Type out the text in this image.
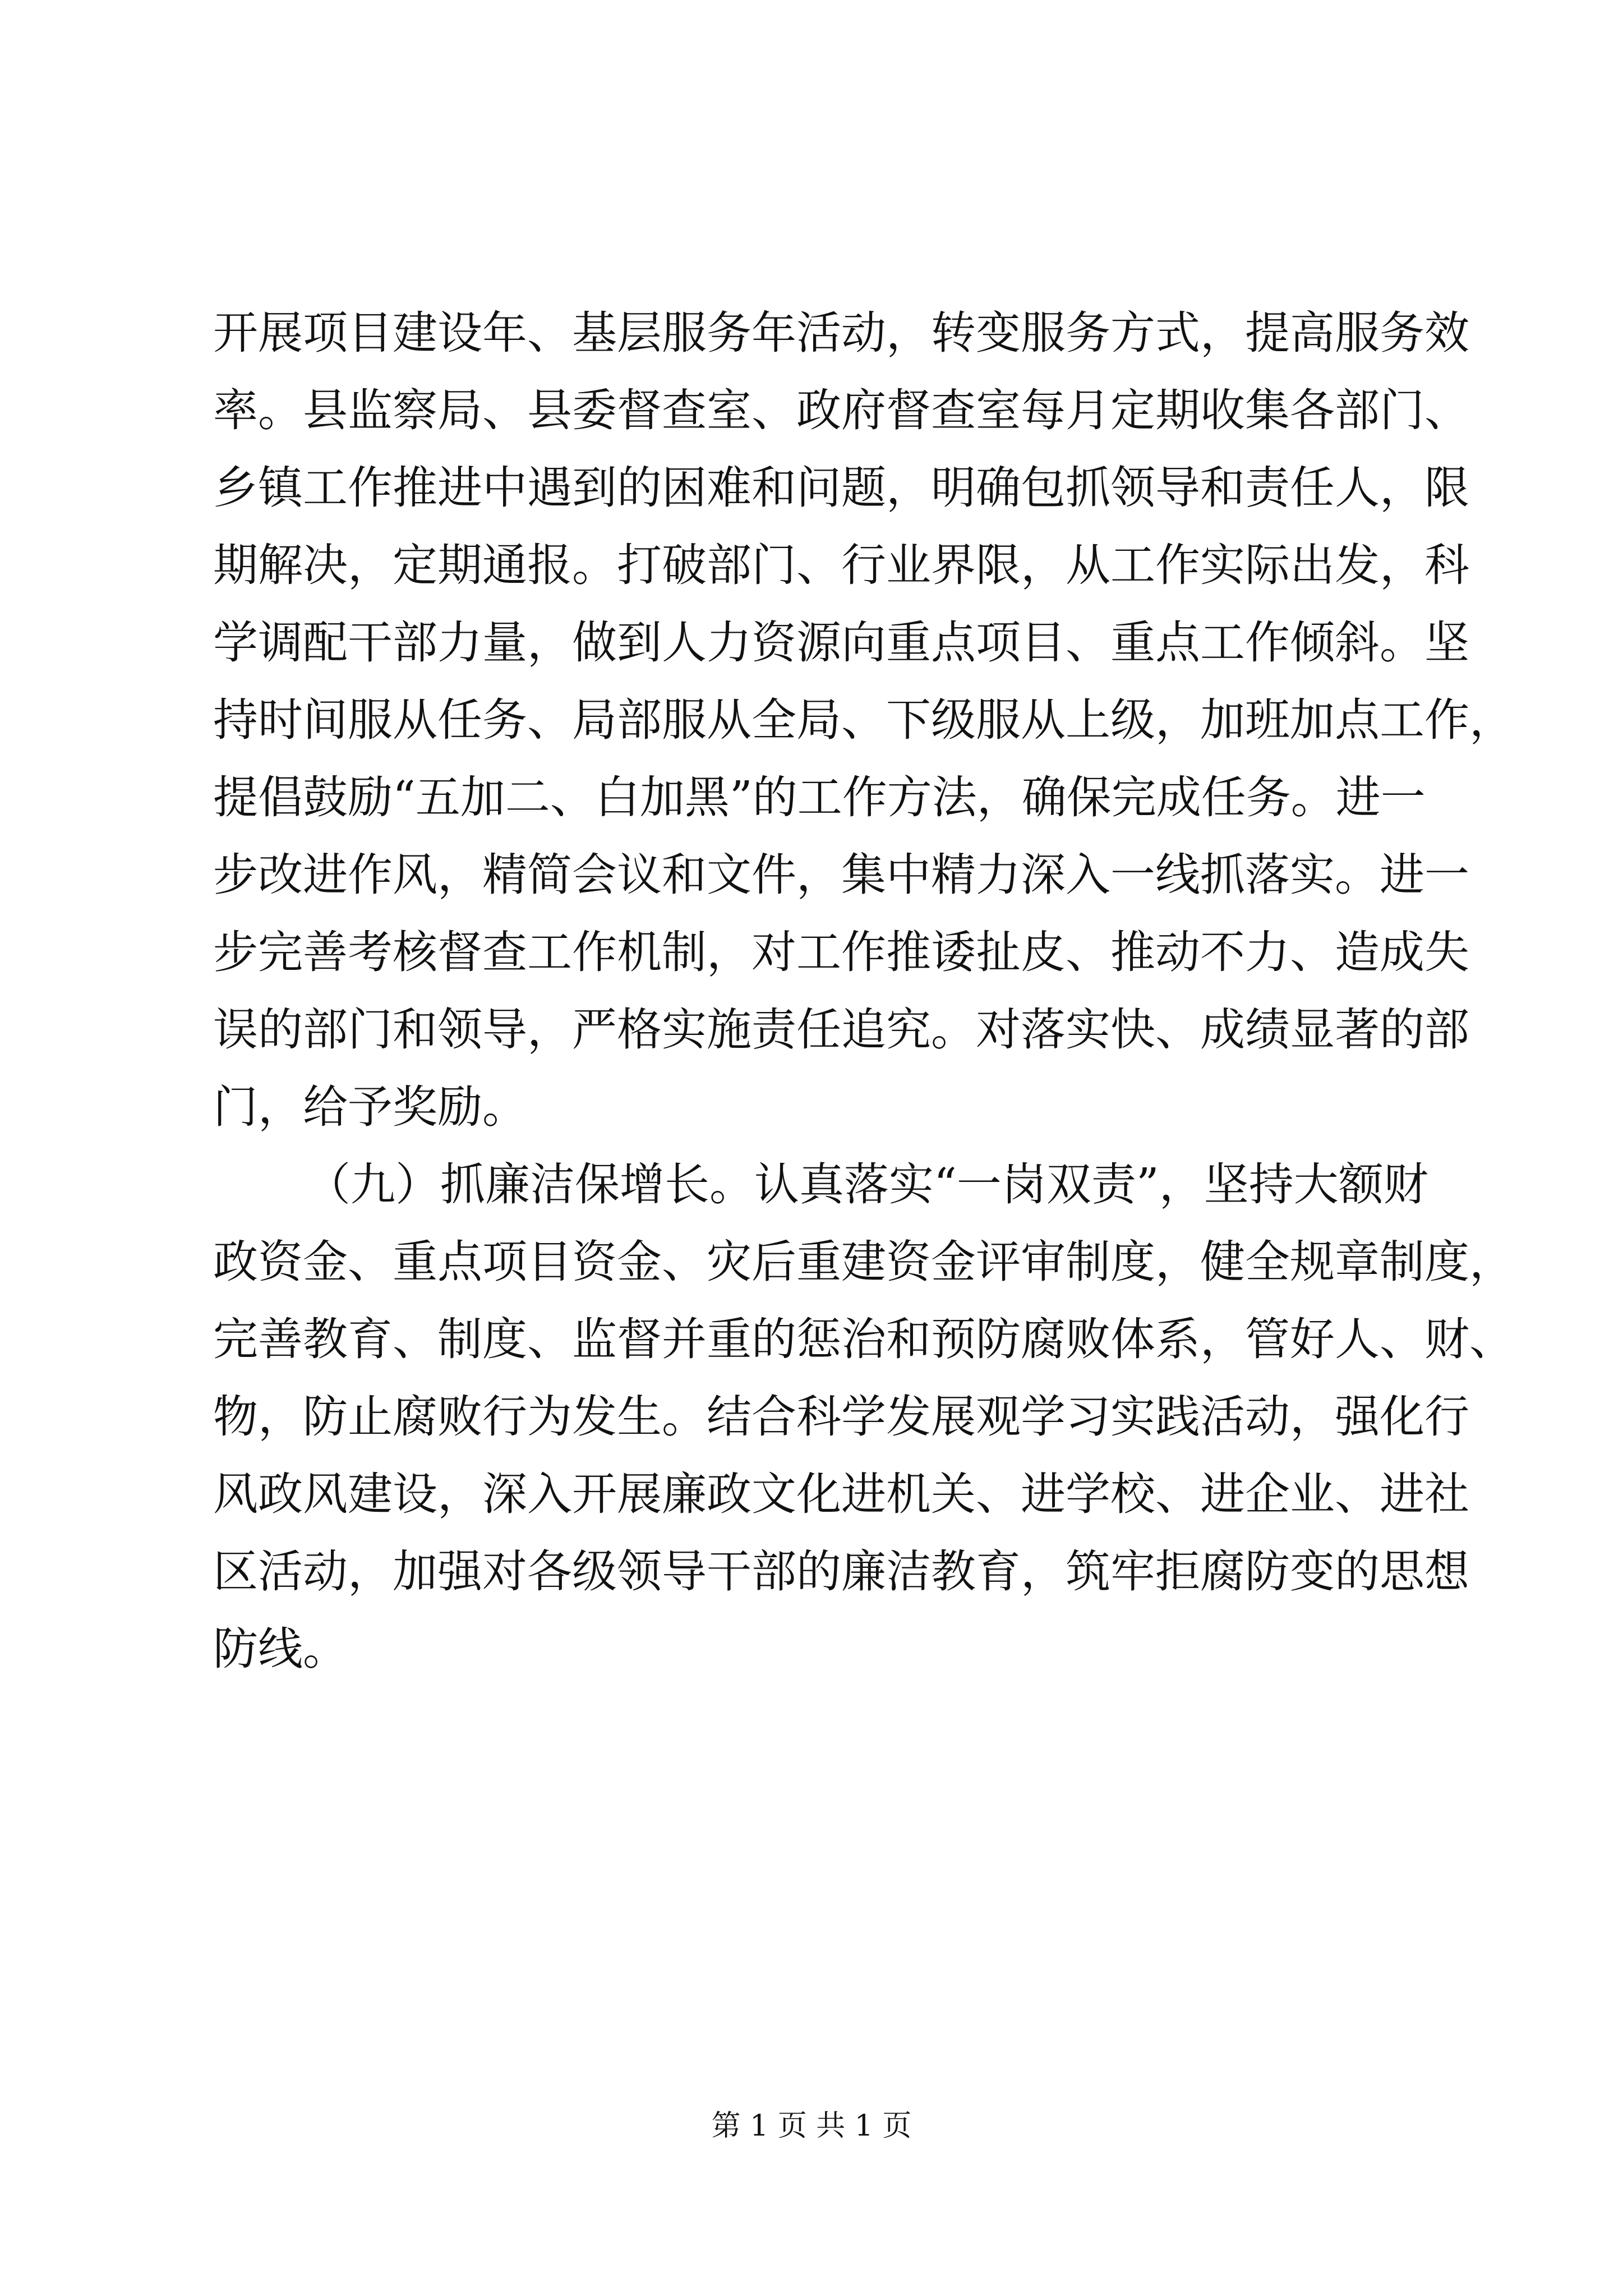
开展项目建设年、基层服务年活动，转变服务方式，提高服务效
率。县监察局、县委督查室、政府督查室每月定期收集各部门、
乡镇工作推进中遇到的困难和问题，明确包抓领导和责任人，限
期解决，定期通报。打破部门、行业界限，从工作实际出发，科
学调配干部力量，做到人力资源向重点项目、重点工作倾斜。坚
持时间服从任务、局部服从全局、下级服从上级，加班加点工作，
提倡鼓励“五加二、白加黑”的工作方法，确保完成任务。进一
步改进作风，精简会议和文件，集中精力深入一线抓落实。进一
步完善考核督查工作机制，对工作推诿扯皮、推动不力、造成失
误的部门和领导，严格实施责任追究。对落实快、成绩显著的部
门，给予奖励。
（九）抓廉洁保增长。认真落实“一岗双责”，坚持大额财
政资金、重点项目资金、灾后重建资金评审制度，健全规章制度，
完善教育、制度、监督并重的惩治和预防腐败体系，管好人、财、
物，防止腐败行为发生。结合科学发展观学习实践活动，强化行
风政风建设，深入开展廉政文化进机关、进学校、进企业、进社
区活动，加强对各级领导干部的廉洁教育，筑牢拒腐防变的思想
防线。
第 1 页 共 1 页
